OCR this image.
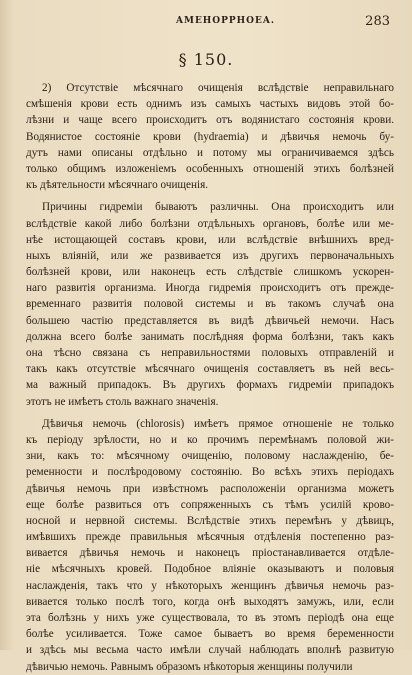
AMEHOPPHOEA.	283
§ 150.
2) Отсутствіе мѣсячнаго очищенія вслѣдствіе неправильнаго
смѣшенія крови есть однимъ изъ самыхъ частыхъ видовъ этой бо-
лѣзни и чаще всего происходитъ отъ водянистаго состоянія крови.
Водянистое состояніе крови (hydraemia) и дѣвичья немочь бу-
дутъ нами описаны отдѣльно и потому мы ограничиваемся здѣсь
только общимъ изложеніемъ особенныхъ отношеній этихъ болѣзней
къ дѣятельности мѣсячнаго очищенія.
Причины гидреміи бываютъ различны. Она происходитъ или
вслѣдствіе какой либо болѣзни отдѣльныхъ органовъ, болѣе или ме-
нѣе истощающей составъ крови, или вслѣдствіе внѣшнихъ вред-
ныхъ вліяній, или же развивается изъ другихъ первоначальныхъ
болѣзней крови, или наконецъ есть слѣдствіе слишкомъ ускорен-
наго развитія организма. Иногда гидремія происходитъ отъ прежде-
временнаго развитія половой системы и въ такомъ случаѣ она
большею частію представляется въ видѣ дѣвичьей немочи. Насъ
должна всего болѣе занимать послѣдняя форма болѣзни, такъ какъ
она тѣсно связана съ неправильностями половыхъ отправленій и
такъ какъ отсутствіе мѣсячнаго очищенія составляетъ въ ней весь-
ма важный припадокъ. Въ другихъ формахъ гидреміи припадокъ
этотъ не имѣетъ столь важнаго значенія.
Дѣвичья немочь (chlorosis) имѣетъ прямое отношеніе не только
къ періоду зрѣлости, но и ко прочимъ перемѣнамъ половой жи-
зни, какъ то: мѣсячному очищенію, половому наслажденію, бе-
ременности и послѣродовому состоянію. Во всѣхъ этихъ періодахъ
дѣвичья немочь при извѣстномъ расположеніи организма можетъ
еще болѣе развиться отъ сопряженныхъ съ тѣмъ усилій крово-
носной и нервной системы. Вслѣдствіе этихъ перемѣнъ у дѣвицъ,
имѣвшихъ прежде правильныя мѣсячныя отдѣленія постепенно раз-
вивается дѣвичья немочь и наконецъ пріостанавливается отдѣле-
ніе мѣсячныхъ кровей. Подобное вліяніе оказываютъ и половыя
наслажденія, такъ что у нѣкоторыхъ женщинъ дѣвичья немочь раз-
вивается только послѣ того, когда онѣ выходятъ замужъ, или, если
эта болѣзнь у нихъ уже существовала, то въ этомъ періодѣ она еще
болѣе усиливается. Тоже самое бываетъ во время беременности
и здѣсь мы весьма часто имѣли случай наблюдать вполнѣ развитую
дѣвичью немочь. Равнымъ образомъ нѣкоторыя женщины получили
